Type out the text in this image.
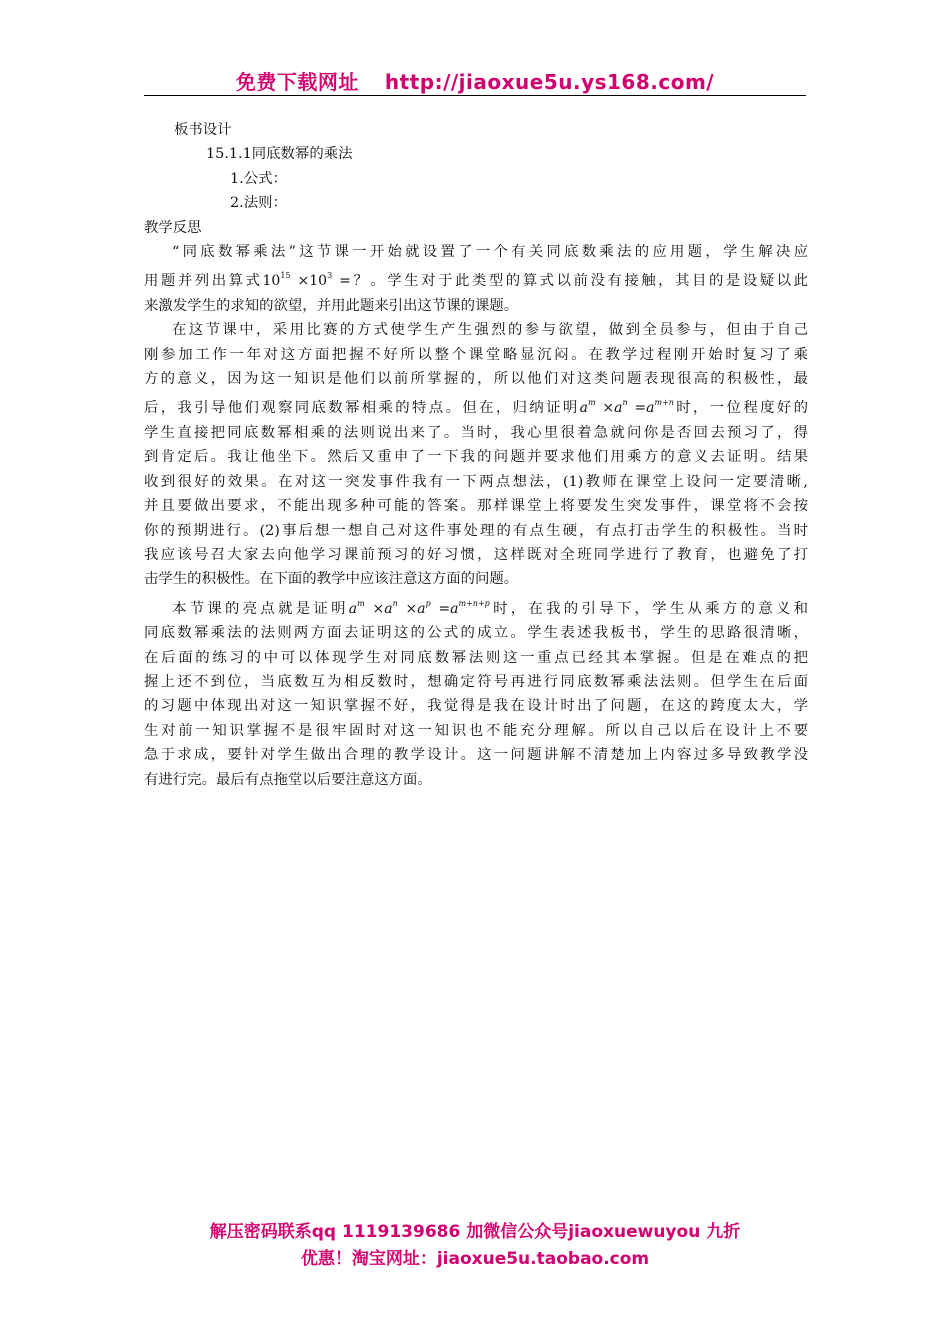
免费下载网址 http://jiaoxue5u.ys168.com/
板书设计
15.1.1同底数幂的乘法
1.公式：
2.法则：
教学反思
“同底数幂乘法”这节课一开始就设置了一个有关同底数乘法的应用题，学生解决应
用题并列出算式$10^{15} \times 10^3$ =？。学生对于此类型的算式以前没有接触，其目的是设疑以此
来激发学生的求知的欲望，并用此题来引出这节课的课题。
在这节课中，采用比赛的方式使学生产生强烈的参与欲望，做到全员参与，但由于自己
刚参加工作一年对这方面把握不好所以整个课堂略显沉闷。在教学过程刚开始时复习了乘
方的意义，因为这一知识是他们以前所掌握的，所以他们对这类问题表现很高的积极性，最
后，我引导他们观察同底数幂相乘的特点。但在，归纳证明$a^m \times a^n =a^{m+n}$时，一位程度好的
学生直接把同底数幂相乘的法则说出来了。当时，我心里很着急就问你是否回去预习了，得
到肯定后。我让他坐下。然后又重申了一下我的问题并要求他们用乘方的意义去证明。结果
收到很好的效果。在对这一突发事件我有一下两点想法，(1)教师在课堂上设问一定要清晰,
并且要做出要求，不能出现多种可能的答案。那样课堂上将要发生突发事件，课堂将不会按
你的预期进行。(2)事后想一想自己对这件事处理的有点生硬，有点打击学生的积极性。当时
我应该号召大家去向他学习课前预习的好习惯，这样既对全班同学进行了教育，也避免了打
击学生的积极性。在下面的教学中应该注意这方面的问题。
本节课的亮点就是证明$a^m \times a^n \times a^p =a^{m+n+p}$时，在我的引导下，学生从乘方的意义和
同底数幂乘法的法则两方面去证明这的公式的成立。学生表述我板书，学生的思路很清晰，
在后面的练习的中可以体现学生对同底数幂法则这一重点已经其本掌握。但是在难点的把
握上还不到位，当底数互为相反数时，想确定符号再进行同底数幂乘法法则。但学生在后面
的习题中体现出对这一知识掌握不好，我觉得是我在设计时出了问题，在这的跨度太大，学
生对前一知识掌握不是很牢固时对这一知识也不能充分理解。所以自己以后在设计上不要
急于求成，要针对学生做出合理的教学设计。这一问题讲解不清楚加上内容过多导致教学没
有进行完。最后有点拖堂以后要注意这方面。
解压密码联系qq 1119139686 加微信公众号jiaoxuewuyou 九折
优惠！淘宝网址：jiaoxue5u.taobao.com
